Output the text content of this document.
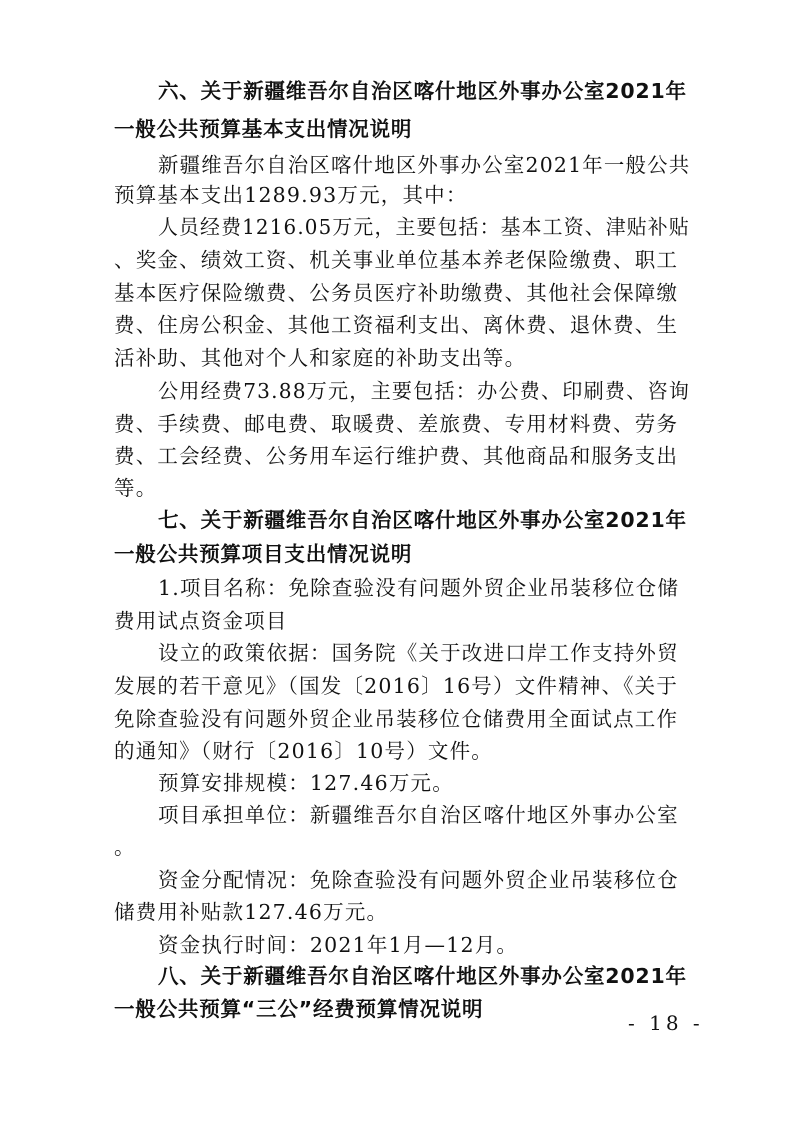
六、关于新疆维吾尔自治区喀什地区外事办公室2021年
一般公共预算基本支出情况说明
新疆维吾尔自治区喀什地区外事办公室2021年一般公共
预算基本支出1289.93万元，其中：
人员经费1216.05万元，主要包括：基本工资、津贴补贴
、奖金、绩效工资、机关事业单位基本养老保险缴费、职工
基本医疗保险缴费、公务员医疗补助缴费、其他社会保障缴
费、住房公积金、其他工资福利支出、离休费、退休费、生
活补助、其他对个人和家庭的补助支出等。
公用经费73.88万元，主要包括：办公费、印刷费、咨询
费、手续费、邮电费、取暖费、差旅费、专用材料费、劳务
费、工会经费、公务用车运行维护费、其他商品和服务支出
等。
七、关于新疆维吾尔自治区喀什地区外事办公室2021年
一般公共预算项目支出情况说明
1.项目名称：免除查验没有问题外贸企业吊装移位仓储
费用试点资金项目
设立的政策依据：国务院《关于改进口岸工作支持外贸
发展的若干意见》（国发〔2016〕16号）文件精神、《关于
免除查验没有问题外贸企业吊装移位仓储费用全面试点工作
的通知》（财行〔2016〕10号）文件。
预算安排规模：127.46万元。
项目承担单位：新疆维吾尔自治区喀什地区外事办公室
。
资金分配情况：免除查验没有问题外贸企业吊装移位仓
储费用补贴款127.46万元。
资金执行时间：2021年1月—12月。
八、关于新疆维吾尔自治区喀什地区外事办公室2021年
一般公共预算“三公”经费预算情况说明
- 18 -
